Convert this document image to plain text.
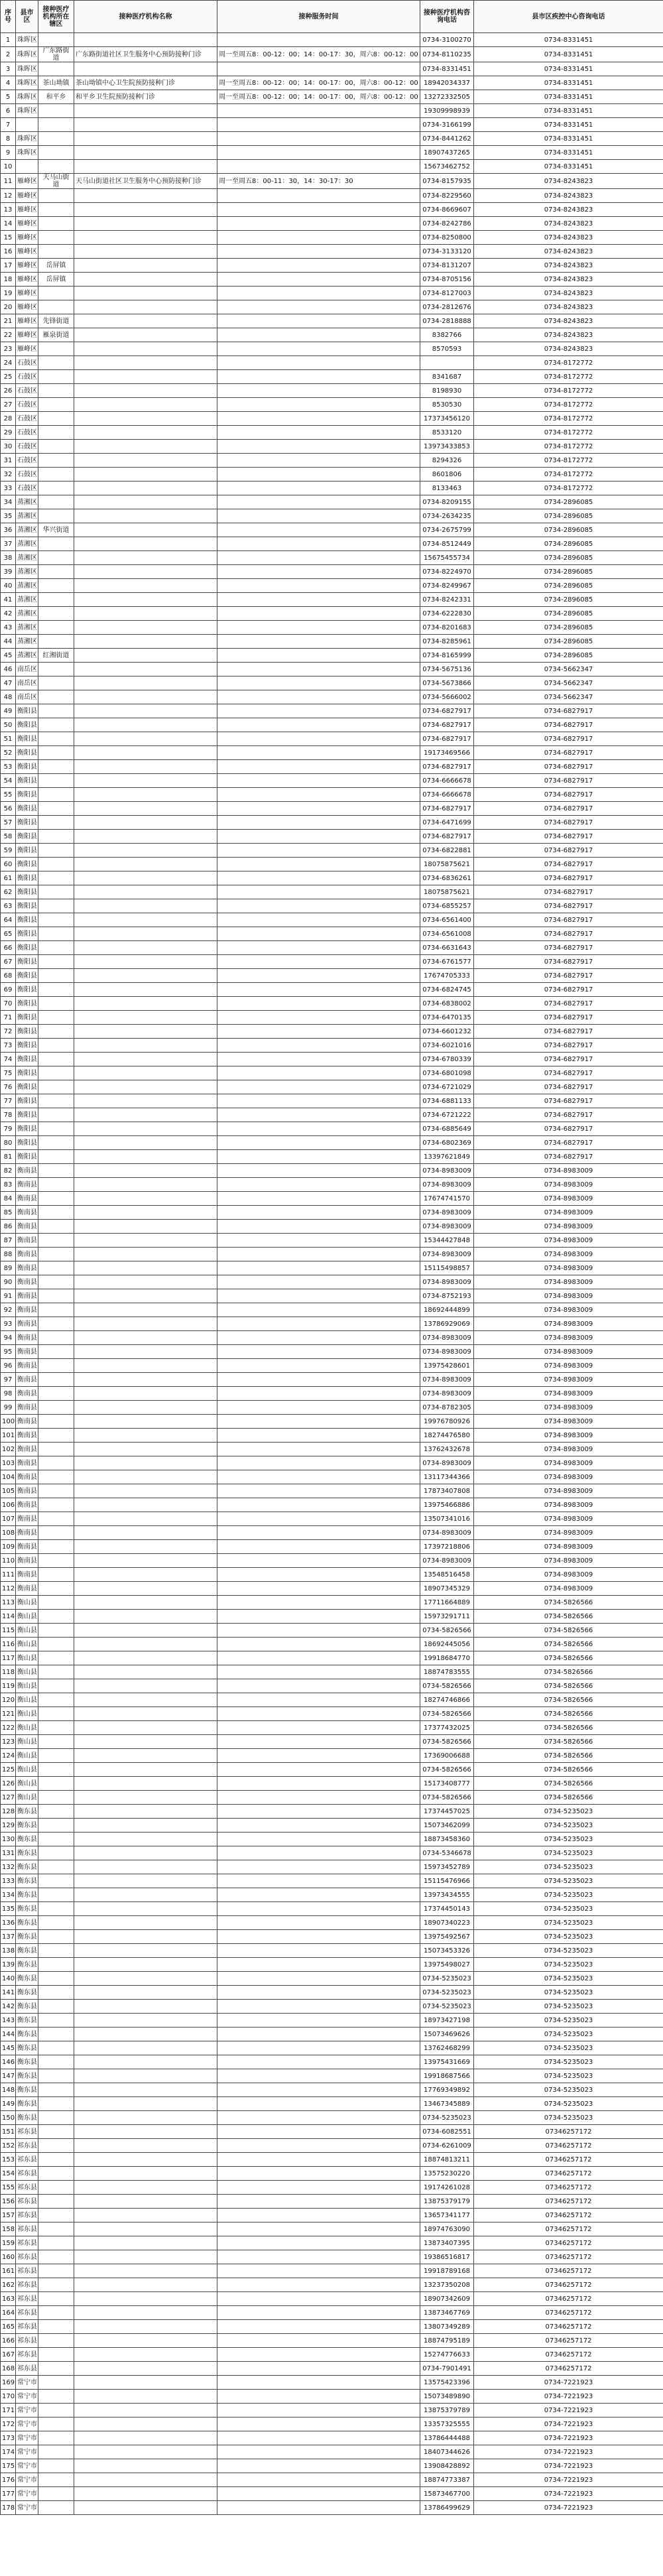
序号	县市区	接种医疗机构所在辖区	接种医疗机构名称	接种服务时间	接种医疗机构咨询电话	县市区疾控中心咨询电话
1	珠晖区				0734-3100270	0734-8331451
2	珠晖区	广东路街道	广东路街道社区卫生服务中心预防接种门诊	周一至周五8：00-12：00；14：00-17：30，周六8：00-12：00	0734-8110235	0734-8331451
3	珠晖区				0734-8331451	0734-8331451
4	珠晖区	茶山坳镇	茶山坳镇中心卫生院预防接种门诊	周一至周五8：00-12：00；14：00-17：00，周六8：00-12：00	18942034337	0734-8331451
5	珠晖区	和平乡	和平乡卫生院预防接种门诊	周一至周五8：00-12：00；14：00-17：00，周六8：00-12：00	13272332505	0734-8331451
6	珠晖区				19309998939	0734-8331451
7					0734-3166199	0734-8331451
8	珠晖区				0734-8441262	0734-8331451
9	珠晖区				18907437265	0734-8331451
10					15673462752	0734-8331451
11	雁峰区	天马山街道	天马山街道社区卫生服务中心预防接种门诊	周一至周五8：00-11：30，14：30-17：30	0734-8157935	0734-8243823
12	雁峰区				0734-8229560	0734-8243823
13	雁峰区				0734-8669607	0734-8243823
14	雁峰区				0734-8242786	0734-8243823
15	雁峰区				0734-8250800	0734-8243823
16	雁峰区				0734-3133120	0734-8243823
17	雁峰区	岳屏镇			0734-8131207	0734-8243823
18	雁峰区	岳屏镇			0734-8705156	0734-8243823
19	雁峰区				0734-8127003	0734-8243823
20	雁峰区				0734-2812676	0734-8243823
21	雁峰区	先锋街道			0734-2818888	0734-8243823
22	雁峰区	雁泉街道			8382766	0734-8243823
23	雁峰区				8570593	0734-8243823
24	石鼓区					0734-8172772
25	石鼓区				8341687	0734-8172772
26	石鼓区				8198930	0734-8172772
27	石鼓区				8530530	0734-8172772
28	石鼓区				17373456120	0734-8172772
29	石鼓区				8533120	0734-8172772
30	石鼓区				13973433853	0734-8172772
31	石鼓区				8294326	0734-8172772
32	石鼓区				8601806	0734-8172772
33	石鼓区				8133463	0734-8172772
34	蒸湘区				0734-8209155	0734-2896085
35	蒸湘区				0734-2634235	0734-2896085
36	蒸湘区	华兴街道			0734-2675799	0734-2896085
37	蒸湘区				0734-8512449	0734-2896085
38	蒸湘区				15675455734	0734-2896085
39	蒸湘区				0734-8224970	0734-2896085
40	蒸湘区				0734-8249967	0734-2896085
41	蒸湘区				0734-8242331	0734-2896085
42	蒸湘区				0734-6222830	0734-2896085
43	蒸湘区				0734-8201683	0734-2896085
44	蒸湘区				0734-8285961	0734-2896085
45	蒸湘区	红湘街道			0734-8165999	0734-2896085
46	南岳区				0734-5675136	0734-5662347
47	南岳区				0734-5673866	0734-5662347
48	南岳区				0734-5666002	0734-5662347
49	衡阳县				0734-6827917	0734-6827917
50	衡阳县				0734-6827917	0734-6827917
51	衡阳县				0734-6827917	0734-6827917
52	衡阳县				19173469566	0734-6827917
53	衡阳县				0734-6827917	0734-6827917
54	衡阳县				0734-6666678	0734-6827917
55	衡阳县				0734-6666678	0734-6827917
56	衡阳县				0734-6827917	0734-6827917
57	衡阳县				0734-6471699	0734-6827917
58	衡阳县				0734-6827917	0734-6827917
59	衡阳县				0734-6822881	0734-6827917
60	衡阳县				18075875621	0734-6827917
61	衡阳县				0734-6836261	0734-6827917
62	衡阳县				18075875621	0734-6827917
63	衡阳县				0734-6855257	0734-6827917
64	衡阳县				0734-6561400	0734-6827917
65	衡阳县				0734-6561008	0734-6827917
66	衡阳县				0734-6631643	0734-6827917
67	衡阳县				0734-6761577	0734-6827917
68	衡阳县				17674705333	0734-6827917
69	衡阳县				0734-6824745	0734-6827917
70	衡阳县				0734-6838002	0734-6827917
71	衡阳县				0734-6470135	0734-6827917
72	衡阳县				0734-6601232	0734-6827917
73	衡阳县				0734-6021016	0734-6827917
74	衡阳县				0734-6780339	0734-6827917
75	衡阳县				0734-6801098	0734-6827917
76	衡阳县				0734-6721029	0734-6827917
77	衡阳县				0734-6881133	0734-6827917
78	衡阳县				0734-6721222	0734-6827917
79	衡阳县				0734-6885649	0734-6827917
80	衡阳县				0734-6802369	0734-6827917
81	衡阳县				13397621849	0734-6827917
82	衡南县				0734-8983009	0734-8983009
83	衡南县				0734-8983009	0734-8983009
84	衡南县				17674741570	0734-8983009
85	衡南县				0734-8983009	0734-8983009
86	衡南县				0734-8983009	0734-8983009
87	衡南县				15344427848	0734-8983009
88	衡南县				0734-8983009	0734-8983009
89	衡南县				15115498857	0734-8983009
90	衡南县				0734-8983009	0734-8983009
91	衡南县				0734-8752193	0734-8983009
92	衡南县				18692444899	0734-8983009
93	衡南县				13786929069	0734-8983009
94	衡南县				0734-8983009	0734-8983009
95	衡南县				0734-8983009	0734-8983009
96	衡南县				13975428601	0734-8983009
97	衡南县				0734-8983009	0734-8983009
98	衡南县				0734-8983009	0734-8983009
99	衡南县				0734-8782305	0734-8983009
100	衡南县				19976780926	0734-8983009
101	衡南县				18274476580	0734-8983009
102	衡南县				13762432678	0734-8983009
103	衡南县				0734-8983009	0734-8983009
104	衡南县				13117344366	0734-8983009
105	衡南县				17873407808	0734-8983009
106	衡南县				13975466886	0734-8983009
107	衡南县				13507341016	0734-8983009
108	衡南县				0734-8983009	0734-8983009
109	衡南县				17397218806	0734-8983009
110	衡南县				0734-8983009	0734-8983009
111	衡南县				13548516458	0734-8983009
112	衡南县				18907345329	0734-8983009
113	衡山县				17711664889	0734-5826566
114	衡山县				15973291711	0734-5826566
115	衡山县				0734-5826566	0734-5826566
116	衡山县				18692445056	0734-5826566
117	衡山县				19918684770	0734-5826566
118	衡山县				18874783555	0734-5826566
119	衡山县				0734-5826566	0734-5826566
120	衡山县				18274746866	0734-5826566
121	衡山县				0734-5826566	0734-5826566
122	衡山县				17377432025	0734-5826566
123	衡山县				0734-5826566	0734-5826566
124	衡山县				17369006688	0734-5826566
125	衡山县				0734-5826566	0734-5826566
126	衡山县				15173408777	0734-5826566
127	衡山县				0734-5826566	0734-5826566
128	衡东县				17374457025	0734-5235023
129	衡东县				15073462099	0734-5235023
130	衡东县				18873458360	0734-5235023
131	衡东县				0734-5346678	0734-5235023
132	衡东县				15973452789	0734-5235023
133	衡东县				15115476966	0734-5235023
134	衡东县				13973434555	0734-5235023
135	衡东县				17374450143	0734-5235023
136	衡东县				18907340223	0734-5235023
137	衡东县				13975492567	0734-5235023
138	衡东县				15073453326	0734-5235023
139	衡东县				13975498027	0734-5235023
140	衡东县				0734-5235023	0734-5235023
141	衡东县				0734-5235023	0734-5235023
142	衡东县				0734-5235023	0734-5235023
143	衡东县				18973427198	0734-5235023
144	衡东县				15073469626	0734-5235023
145	衡东县				13762468299	0734-5235023
146	衡东县				13975431669	0734-5235023
147	衡东县				19918687566	0734-5235023
148	衡东县				17769349892	0734-5235023
149	衡东县				13467345889	0734-5235023
150	衡东县				0734-5235023	0734-5235023
151	祁东县				0734-6082551	07346257172
152	祁东县				0734-6261009	07346257172
153	祁东县				18874813211	07346257172
154	祁东县				13575230220	07346257172
155	祁东县				19174261028	07346257172
156	祁东县				13875379179	07346257172
157	祁东县				13657341177	07346257172
158	祁东县				18974763090	07346257172
159	祁东县				13873407395	07346257172
160	祁东县				19386516817	07346257172
161	祁东县				19918789168	07346257172
162	祁东县				13237350208	07346257172
163	祁东县				18907342609	07346257172
164	祁东县				13873467769	07346257172
165	祁东县				13807349289	07346257172
166	祁东县				18874795189	07346257172
167	祁东县				15274776633	07346257172
168	祁东县				0734-7901491	07346257172
169	常宁市				13575423396	0734-7221923
170	常宁市				15073489890	0734-7221923
171	常宁市				13875379789	0734-7221923
172	常宁市				13357325555	0734-7221923
173	常宁市				13786444488	0734-7221923
174	常宁市				18407344626	0734-7221923
175	常宁市				13908428892	0734-7221923
176	常宁市				18874773387	0734-7221923
177	常宁市				15873467700	0734-7221923
178	常宁市				13786499629	0734-7221923
